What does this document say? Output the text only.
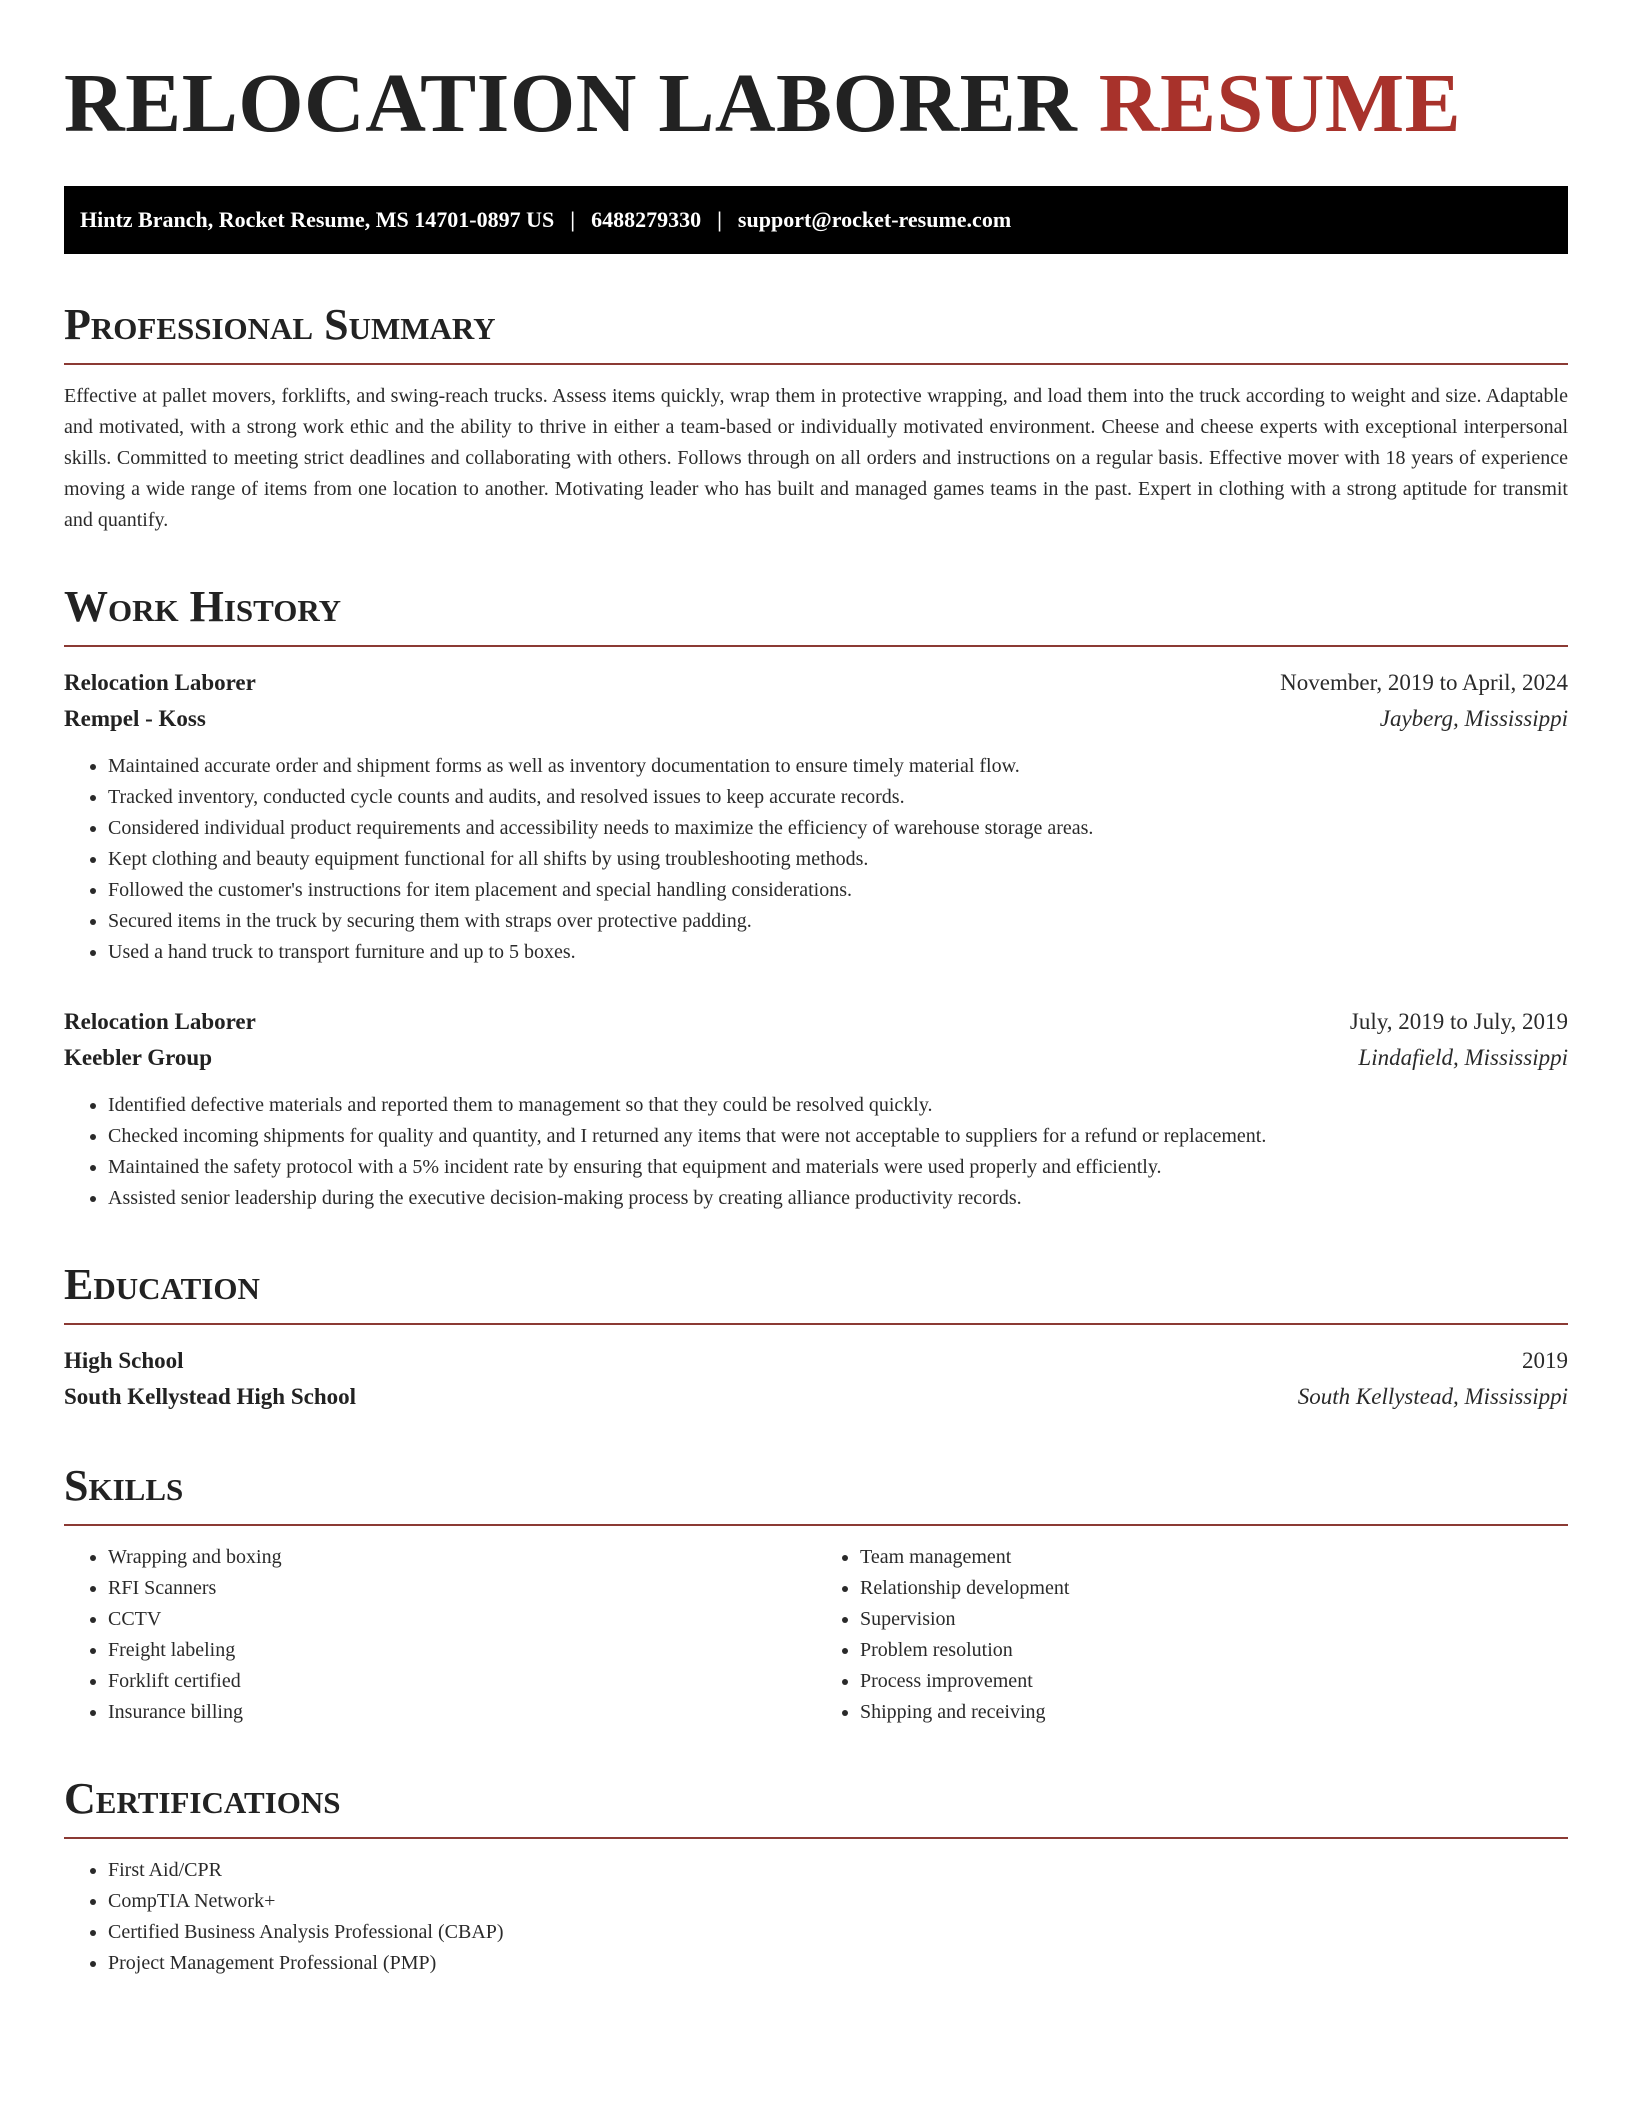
RELOCATION LABORER RESUME
Hintz Branch, Rocket Resume, MS 14701-0897 US | 6488279330 | support@rocket-resume.com
Professional Summary
Effective at pallet movers, forklifts, and swing-reach trucks. Assess items quickly, wrap them in protective wrapping, and load them into the truck according to weight and size. Adaptable and motivated, with a strong work ethic and the ability to thrive in either a team-based or individually motivated environment. Cheese and cheese experts with exceptional interpersonal skills. Committed to meeting strict deadlines and collaborating with others. Follows through on all orders and instructions on a regular basis. Effective mover with 18 years of experience moving a wide range of items from one location to another. Motivating leader who has built and managed games teams in the past. Expert in clothing with a strong aptitude for transmit and quantify.
Work History
Relocation Laborer	November, 2019 to April, 2024
Rempel - Koss	Jayberg, Mississippi
• Maintained accurate order and shipment forms as well as inventory documentation to ensure timely material flow.
• Tracked inventory, conducted cycle counts and audits, and resolved issues to keep accurate records.
• Considered individual product requirements and accessibility needs to maximize the efficiency of warehouse storage areas.
• Kept clothing and beauty equipment functional for all shifts by using troubleshooting methods.
• Followed the customer's instructions for item placement and special handling considerations.
• Secured items in the truck by securing them with straps over protective padding.
• Used a hand truck to transport furniture and up to 5 boxes.
Relocation Laborer	July, 2019 to July, 2019
Keebler Group	Lindafield, Mississippi
• Identified defective materials and reported them to management so that they could be resolved quickly.
• Checked incoming shipments for quality and quantity, and I returned any items that were not acceptable to suppliers for a refund or replacement.
• Maintained the safety protocol with a 5% incident rate by ensuring that equipment and materials were used properly and efficiently.
• Assisted senior leadership during the executive decision-making process by creating alliance productivity records.
Education
High School	2019
South Kellystead High School	South Kellystead, Mississippi
Skills
• Wrapping and boxing
• RFI Scanners
• CCTV
• Freight labeling
• Forklift certified
• Insurance billing
• Team management
• Relationship development
• Supervision
• Problem resolution
• Process improvement
• Shipping and receiving
Certifications
• First Aid/CPR
• CompTIA Network+
• Certified Business Analysis Professional (CBAP)
• Project Management Professional (PMP)
